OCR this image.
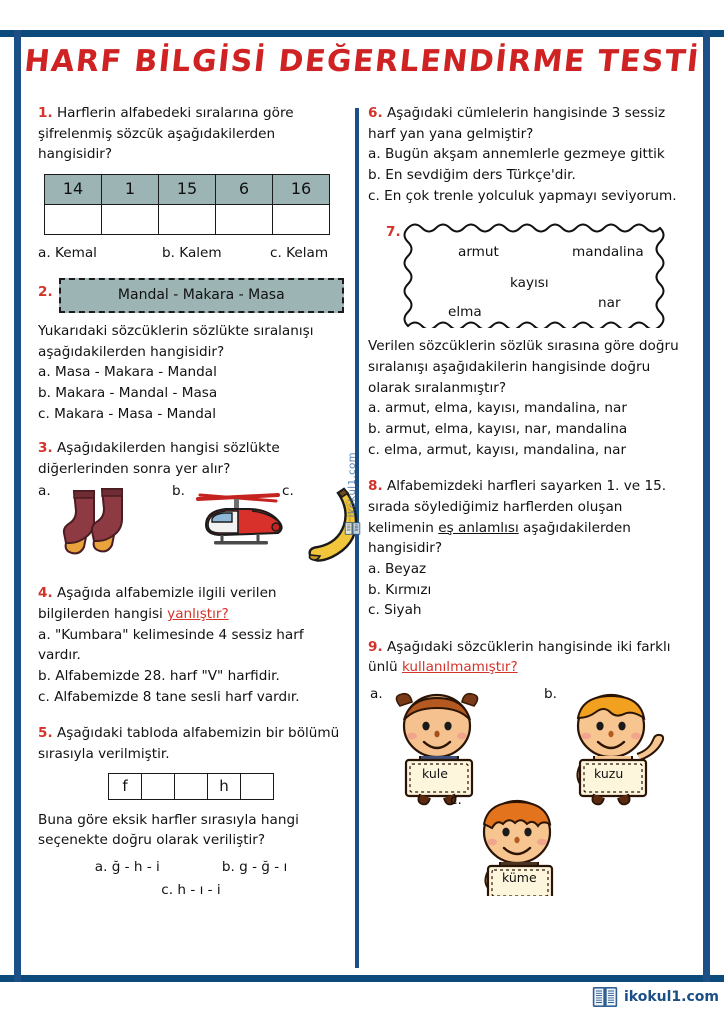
HARF BİLGİSİ DEĞERLENDİRME TESTİ
1. Harflerin alfabedeki sıralarına göre şifrelenmiş sözcük aşağıdakilerden hangisidir?
14	1	15	6	16

a. Kemal	b. Kalem	c. Kelam
2.	Mandal - Makara - Masa
Yukarıdaki sözcüklerin sözlükte sıralanışı aşağıdakilerden hangisidir?
a. Masa - Makara - Mandal
b. Makara - Mandal - Masa
c. Makara - Masa - Mandal
3. Aşağıdakilerden hangisi sözlükte diğerlerinden sonra yer alır?
a.	b.	c.
4. Aşağıda alfabemizle ilgili verilen bilgilerden hangisi yanlıştır?
a. "Kumbara" kelimesinde 4 sessiz harf vardır.
b. Alfabemizde 28. harf "V" harfidir.
c. Alfabemizde 8 tane sesli harf vardır.
5. Aşağıdaki tabloda alfabemizin bir bölümü sırasıyla verilmiştir.
f			h	
Buna göre eksik harfler sırasıyla hangi seçenekte doğru olarak veriliştir?
a. ğ - h - i	b. g - ğ - ı
c. h - ı - i
6. Aşağıdaki cümlelerin hangisinde 3 sessiz harf yan yana gelmiştir?
a. Bugün akşam annemlerle gezmeye gittik
b. En sevdiğim ders Türkçe'dir.
c. En çok trenle yolculuk yapmayı seviyorum.
7.
armut	mandalina
kayısı
elma
nar
Verilen sözcüklerin sözlük sırasına göre doğru sıralanışı aşağıdakilerin hangisinde doğru olarak sıralanmıştır?
a. armut, elma, kayısı, mandalina, nar
b. armut, elma, kayısı, nar, mandalina
c. elma, armut, kayısı, mandalina, nar
8. Alfabemizdeki harfleri sayarken 1. ve 15. sırada söylediğimiz harflerden oluşan kelimenin eş anlamlısı aşağıdakilerden hangisidir?
a. Beyaz
b. Kırmızı
c. Siyah
9. Aşağıdaki sözcüklerin hangisinde iki farklı ünlü kullanılmamıştır?
a.
kule
b.
kuzu
c.
küme
ikokul1.com
ikokul1.com
